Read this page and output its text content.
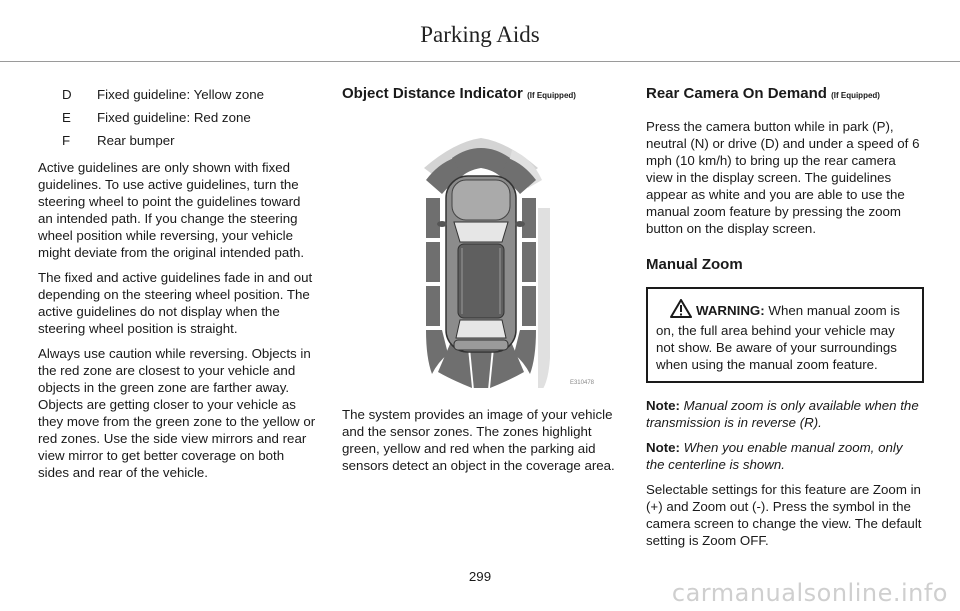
Parking Aids
D Fixed guideline: Yellow zone
E Fixed guideline: Red zone
F Rear bumper

Active guidelines are only shown with fixed guidelines. To use active guidelines, turn the steering wheel to point the guidelines toward an intended path. If you change the steering wheel position while reversing, your vehicle might deviate from the original intended path.

The fixed and active guidelines fade in and out depending on the steering wheel position. The active guidelines do not display when the steering wheel position is straight.

Always use caution while reversing. Objects in the red zone are closest to your vehicle and objects in the green zone are farther away. Objects are getting closer to your vehicle as they move from the green zone to the yellow or red zones. Use the side view mirrors and rear view mirror to get better coverage on both sides and rear of the vehicle.

Object Distance Indicator (If Equipped)
E310478

The system provides an image of your vehicle and the sensor zones. The zones highlight green, yellow and red when the parking aid sensors detect an object in the coverage area.

Rear Camera On Demand (If Equipped)

Press the camera button while in park (P), neutral (N) or drive (D) and under a speed of 6 mph (10 km/h) to bring up the rear camera view in the display screen. The guidelines appear as white and you are able to use the manual zoom feature by pressing the zoom button on the display screen.

Manual Zoom
WARNING: When manual zoom is on, the full area behind your vehicle may not show. Be aware of your surroundings when using the manual zoom feature.

Note: Manual zoom is only available when the transmission is in reverse (R).

Note: When you enable manual zoom, only the centerline is shown.

Selectable settings for this feature are Zoom in (+) and Zoom out (-). Press the symbol in the camera screen to change the view. The default setting is Zoom OFF.

299
carmanualsonline.info
